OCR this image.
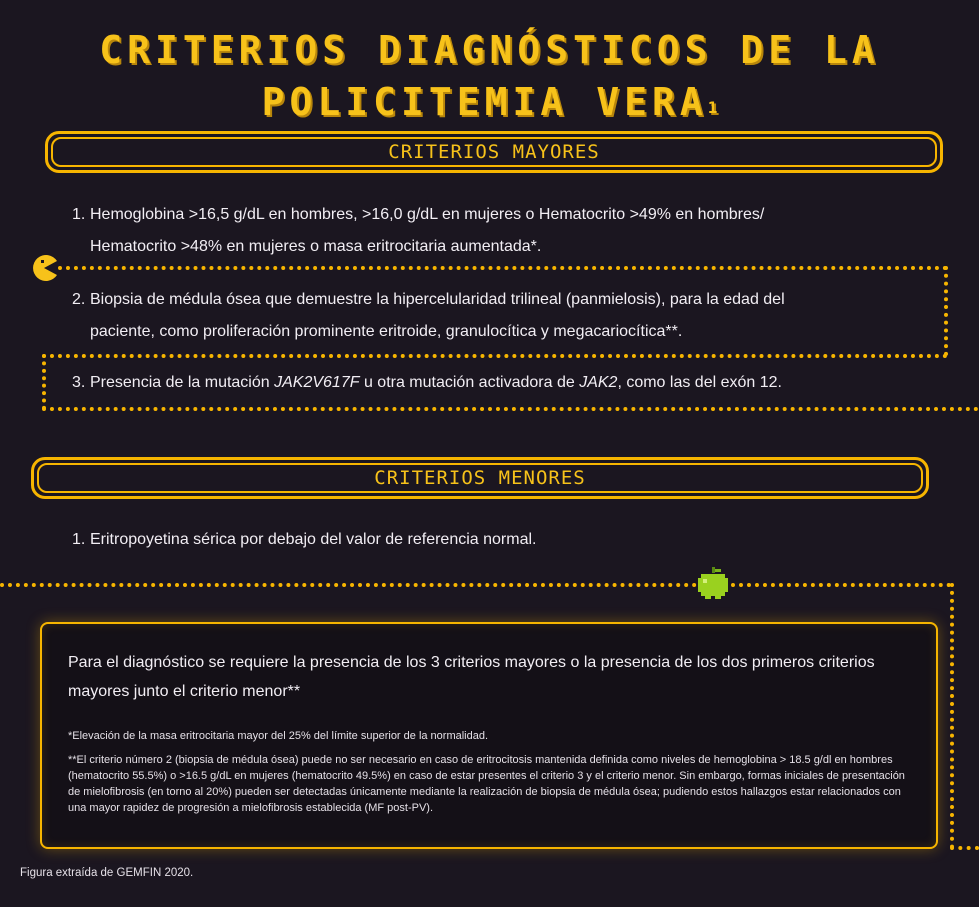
CRITERIOS DIAGNÓSTICOS DE LA
POLICITEMIA VERA$^1$
CRITERIOS MAYORES
1. Hemoglobina >16,5 g/dL en hombres, >16,0 g/dL en mujeres o Hematocrito >49% en hombres/
Hematocrito >48% en mujeres o masa eritrocitaria aumentada*.
2. Biopsia de médula ósea que demuestre la hipercelularidad trilineal (panmielosis), para la edad del
paciente, como proliferación prominente eritroide, granulocítica y megacariocítica**.
3. Presencia de la mutación JAK2V617F u otra mutación activadora de JAK2, como las del exón 12.
CRITERIOS MENORES
1. Eritropoyetina sérica por debajo del valor de referencia normal.

Para el diagnóstico se requiere la presencia de los 3 criterios mayores o la presencia de los dos primeros criterios mayores junto el criterio menor**

*Elevación de la masa eritrocitaria mayor del 25% del límite superior de la normalidad.

**El criterio número 2 (biopsia de médula ósea) puede no ser necesario en caso de eritrocitosis mantenida definida como niveles de hemoglobina > 18.5 g/dl en hombres (hematocrito 55.5%) o >16.5 g/dL en mujeres (hematocrito 49.5%) en caso de estar presentes el criterio 3 y el criterio menor. Sin embargo, formas iniciales de presentación de mielofibrosis (en torno al 20%) pueden ser detectadas únicamente mediante la realización de biopsia de médula ósea; pudiendo estos hallazgos estar relacionados con una mayor rapidez de progresión a mielofibrosis establecida (MF post-PV).

Figura extraída de GEMFIN 2020.
